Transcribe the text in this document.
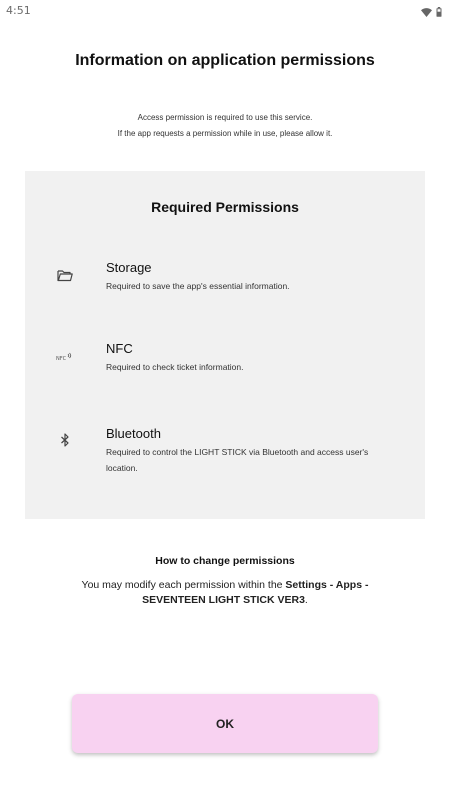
4:51
Information on application permissions
Access permission is required to use this service.
If the app requests a permission while in use, please allow it.
Required Permissions
Storage
Required to save the app's essential information.
NFC
NFC
Required to check ticket information.
Bluetooth
Required to control the LIGHT STICK via Bluetooth and access user's location.
How to change permissions
You may modify each permission within the Settings - Apps - SEVENTEEN LIGHT STICK VER3.
OK
